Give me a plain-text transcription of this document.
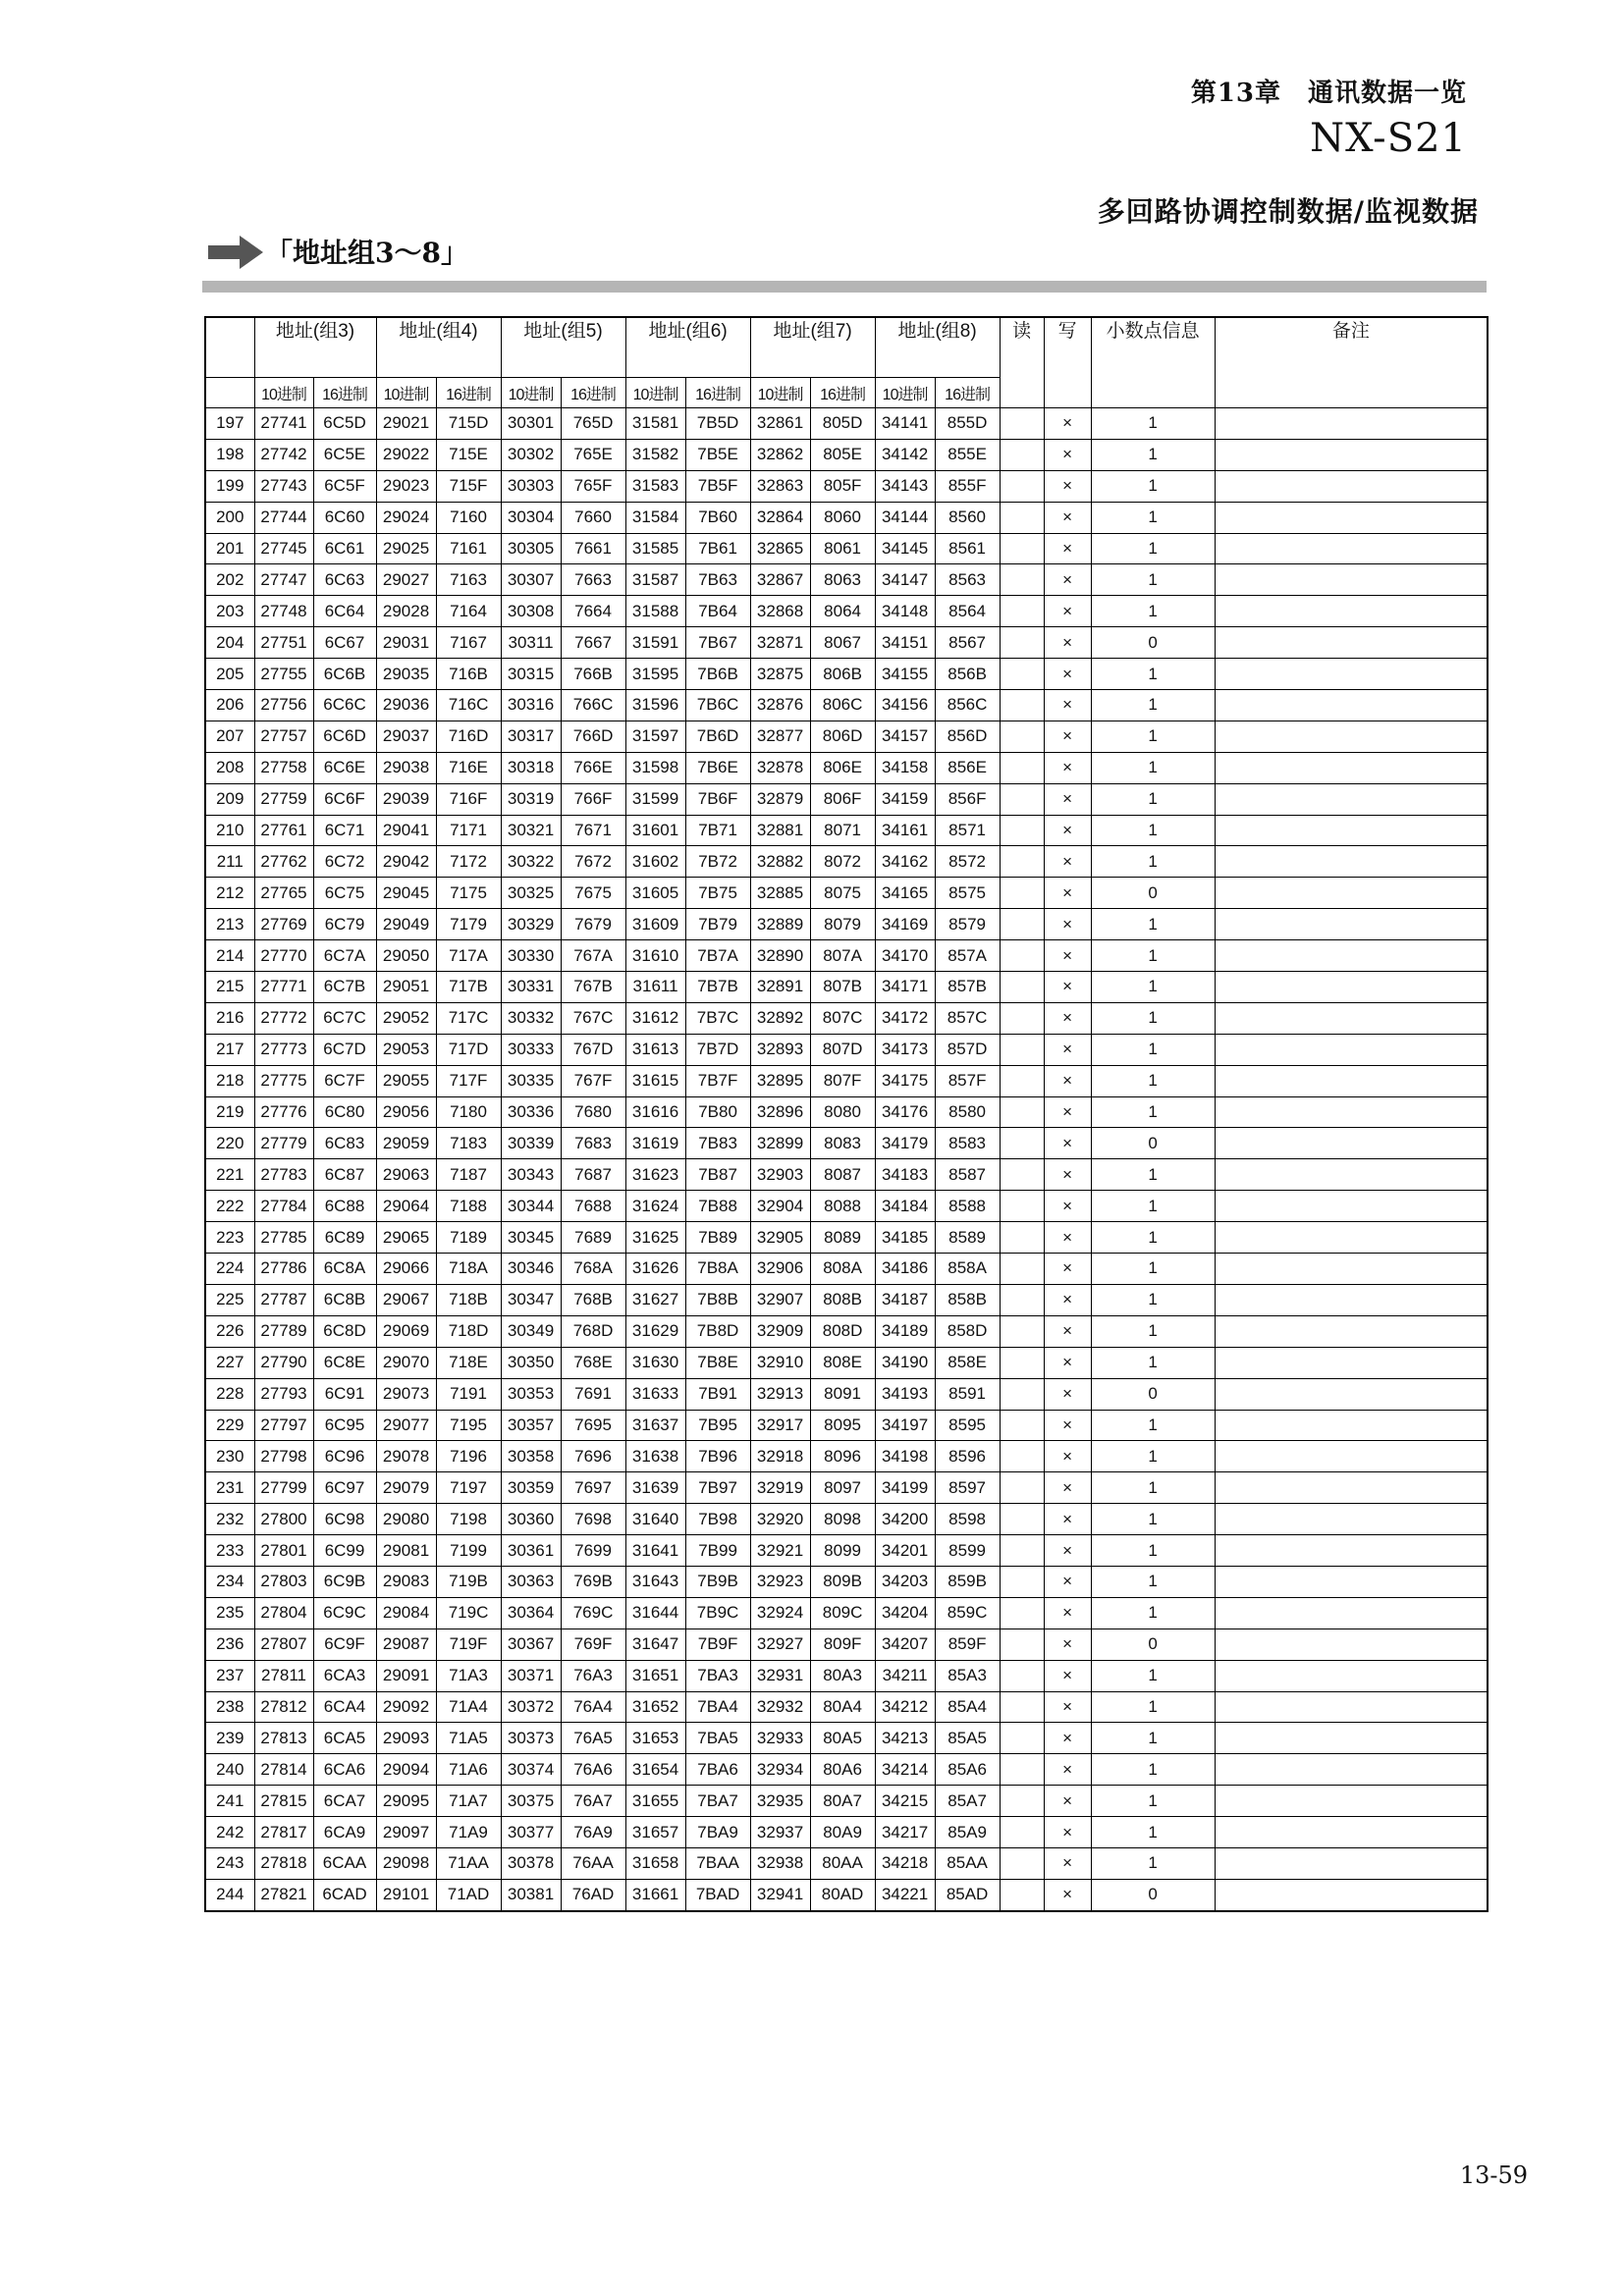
第13章　通讯数据一览
NX-S21
多回路协调控制数据/监视数据
「地址组3～8」
	地址(组3)		地址(组4)		地址(组5)		地址(组6)		地址(组7)		地址(组8)		读	写	小数点信息	备注
	10进制	16进制	10进制	16进制	10进制	16进制	10进制	16进制	10进制	16进制	10进制	16进制				
197	27741	6C5D	29021	715D	30301	765D	31581	7B5D	32861	805D	34141	855D		×	1	
198	27742	6C5E	29022	715E	30302	765E	31582	7B5E	32862	805E	34142	855E		×	1	
199	27743	6C5F	29023	715F	30303	765F	31583	7B5F	32863	805F	34143	855F		×	1	
200	27744	6C60	29024	7160	30304	7660	31584	7B60	32864	8060	34144	8560		×	1	
201	27745	6C61	29025	7161	30305	7661	31585	7B61	32865	8061	34145	8561		×	1	
202	27747	6C63	29027	7163	30307	7663	31587	7B63	32867	8063	34147	8563		×	1	
203	27748	6C64	29028	7164	30308	7664	31588	7B64	32868	8064	34148	8564		×	1	
204	27751	6C67	29031	7167	30311	7667	31591	7B67	32871	8067	34151	8567		×	0	
205	27755	6C6B	29035	716B	30315	766B	31595	7B6B	32875	806B	34155	856B		×	1	
206	27756	6C6C	29036	716C	30316	766C	31596	7B6C	32876	806C	34156	856C		×	1	
207	27757	6C6D	29037	716D	30317	766D	31597	7B6D	32877	806D	34157	856D		×	1	
208	27758	6C6E	29038	716E	30318	766E	31598	7B6E	32878	806E	34158	856E		×	1	
209	27759	6C6F	29039	716F	30319	766F	31599	7B6F	32879	806F	34159	856F		×	1	
210	27761	6C71	29041	7171	30321	7671	31601	7B71	32881	8071	34161	8571		×	1	
211	27762	6C72	29042	7172	30322	7672	31602	7B72	32882	8072	34162	8572		×	1	
212	27765	6C75	29045	7175	30325	7675	31605	7B75	32885	8075	34165	8575		×	0	
213	27769	6C79	29049	7179	30329	7679	31609	7B79	32889	8079	34169	8579		×	1	
214	27770	6C7A	29050	717A	30330	767A	31610	7B7A	32890	807A	34170	857A		×	1	
215	27771	6C7B	29051	717B	30331	767B	31611	7B7B	32891	807B	34171	857B		×	1	
216	27772	6C7C	29052	717C	30332	767C	31612	7B7C	32892	807C	34172	857C		×	1	
217	27773	6C7D	29053	717D	30333	767D	31613	7B7D	32893	807D	34173	857D		×	1	
218	27775	6C7F	29055	717F	30335	767F	31615	7B7F	32895	807F	34175	857F		×	1	
219	27776	6C80	29056	7180	30336	7680	31616	7B80	32896	8080	34176	8580		×	1	
220	27779	6C83	29059	7183	30339	7683	31619	7B83	32899	8083	34179	8583		×	0	
221	27783	6C87	29063	7187	30343	7687	31623	7B87	32903	8087	34183	8587		×	1	
222	27784	6C88	29064	7188	30344	7688	31624	7B88	32904	8088	34184	8588		×	1	
223	27785	6C89	29065	7189	30345	7689	31625	7B89	32905	8089	34185	8589		×	1	
224	27786	6C8A	29066	718A	30346	768A	31626	7B8A	32906	808A	34186	858A		×	1	
225	27787	6C8B	29067	718B	30347	768B	31627	7B8B	32907	808B	34187	858B		×	1	
226	27789	6C8D	29069	718D	30349	768D	31629	7B8D	32909	808D	34189	858D		×	1	
227	27790	6C8E	29070	718E	30350	768E	31630	7B8E	32910	808E	34190	858E		×	1	
228	27793	6C91	29073	7191	30353	7691	31633	7B91	32913	8091	34193	8591		×	0	
229	27797	6C95	29077	7195	30357	7695	31637	7B95	32917	8095	34197	8595		×	1	
230	27798	6C96	29078	7196	30358	7696	31638	7B96	32918	8096	34198	8596		×	1	
231	27799	6C97	29079	7197	30359	7697	31639	7B97	32919	8097	34199	8597		×	1	
232	27800	6C98	29080	7198	30360	7698	31640	7B98	32920	8098	34200	8598		×	1	
233	27801	6C99	29081	7199	30361	7699	31641	7B99	32921	8099	34201	8599		×	1	
234	27803	6C9B	29083	719B	30363	769B	31643	7B9B	32923	809B	34203	859B		×	1	
235	27804	6C9C	29084	719C	30364	769C	31644	7B9C	32924	809C	34204	859C		×	1	
236	27807	6C9F	29087	719F	30367	769F	31647	7B9F	32927	809F	34207	859F		×	0	
237	27811	6CA3	29091	71A3	30371	76A3	31651	7BA3	32931	80A3	34211	85A3		×	1	
238	27812	6CA4	29092	71A4	30372	76A4	31652	7BA4	32932	80A4	34212	85A4		×	1	
239	27813	6CA5	29093	71A5	30373	76A5	31653	7BA5	32933	80A5	34213	85A5		×	1	
240	27814	6CA6	29094	71A6	30374	76A6	31654	7BA6	32934	80A6	34214	85A6		×	1	
241	27815	6CA7	29095	71A7	30375	76A7	31655	7BA7	32935	80A7	34215	85A7		×	1	
242	27817	6CA9	29097	71A9	30377	76A9	31657	7BA9	32937	80A9	34217	85A9		×	1	
243	27818	6CAA	29098	71AA	30378	76AA	31658	7BAA	32938	80AA	34218	85AA		×	1	
244	27821	6CAD	29101	71AD	30381	76AD	31661	7BAD	32941	80AD	34221	85AD		×	0	
13-59
